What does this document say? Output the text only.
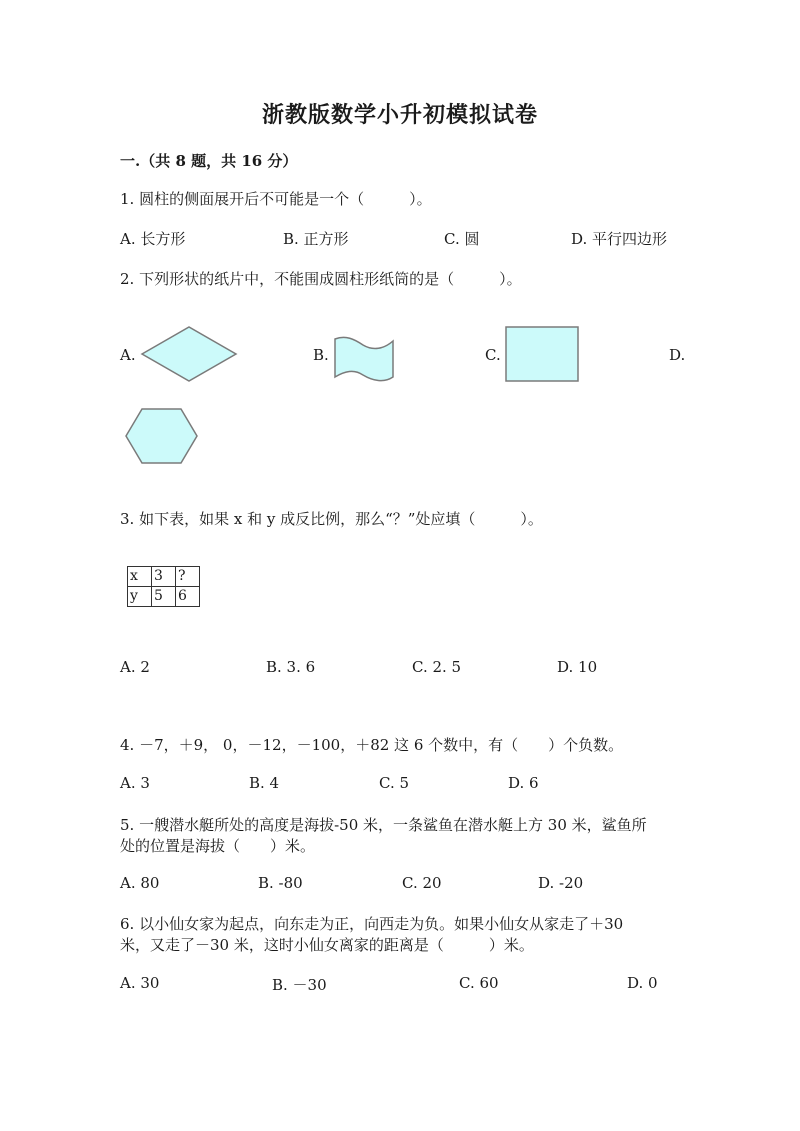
浙教版数学小升初模拟试卷
一.（共 8 题，共 16 分）
1. 圆柱的侧面展开后不可能是一个（　　　）。
A. 长方形	B. 正方形	C. 圆	D. 平行四边形
2. 下列形状的纸片中，不能围成圆柱形纸筒的是（　　　）。
A.	B.	C.	D.
3. 如下表，如果 x 和 y 成反比例，那么“？”处应填（　　　）。
x	3	?
y	5	6
A. 2	B. 3. 6	C. 2. 5	D. 10
4. －7，＋9， 0，－12，－100，＋82 这 6 个数中，有（　　）个负数。
A. 3	B. 4	C. 5	D. 6
5. 一艘潜水艇所处的高度是海拔-50 米，一条鲨鱼在潜水艇上方 30 米，鲨鱼所
处的位置是海拔（　　）米。
A. 80	B. -80	C. 20	D. -20
6. 以小仙女家为起点，向东走为正，向西走为负。如果小仙女从家走了＋30
米，又走了－30 米，这时小仙女离家的距离是（　　　）米。
A. 30	B. －30	C. 60	D. 0
